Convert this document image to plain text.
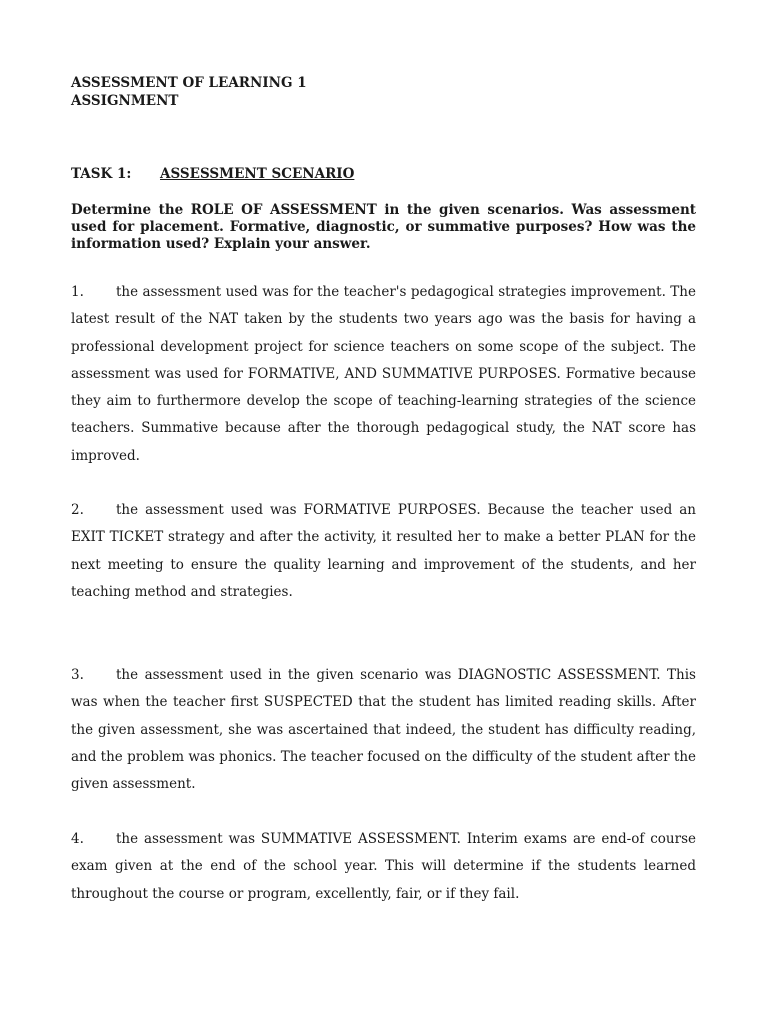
ASSESSMENT OF LEARNING 1

ASSIGNMENT

TASK 1: ASSESSMENT SCENARIO
Determine the ROLE OF ASSESSMENT in the given scenarios. Was assessment used for placement. Formative, diagnostic, or summative purposes? How was the information used? Explain your answer.
1. the assessment used was for the teacher's pedagogical strategies improvement. The latest result of the NAT taken by the students two years ago was the basis for having a professional development project for science teachers on some scope of the subject. The assessment was used for FORMATIVE, AND SUMMATIVE PURPOSES. Formative because they aim to furthermore develop the scope of teaching-learning strategies of the science teachers. Summative because after the thorough pedagogical study, the NAT score has improved.
2. the assessment used was FORMATIVE PURPOSES. Because the teacher used an EXIT TICKET strategy and after the activity, it resulted her to make a better PLAN for the next meeting to ensure the quality learning and improvement of the students, and her teaching method and strategies.
3. the assessment used in the given scenario was DIAGNOSTIC ASSESSMENT. This was when the teacher first SUSPECTED that the student has limited reading skills. After the given assessment, she was ascertained that indeed, the student has difficulty reading, and the problem was phonics. The teacher focused on the difficulty of the student after the given assessment.
4. the assessment was SUMMATIVE ASSESSMENT. Interim exams are end-of course exam given at the end of the school year. This will determine if the students learned throughout the course or program, excellently, fair, or if they fail.
